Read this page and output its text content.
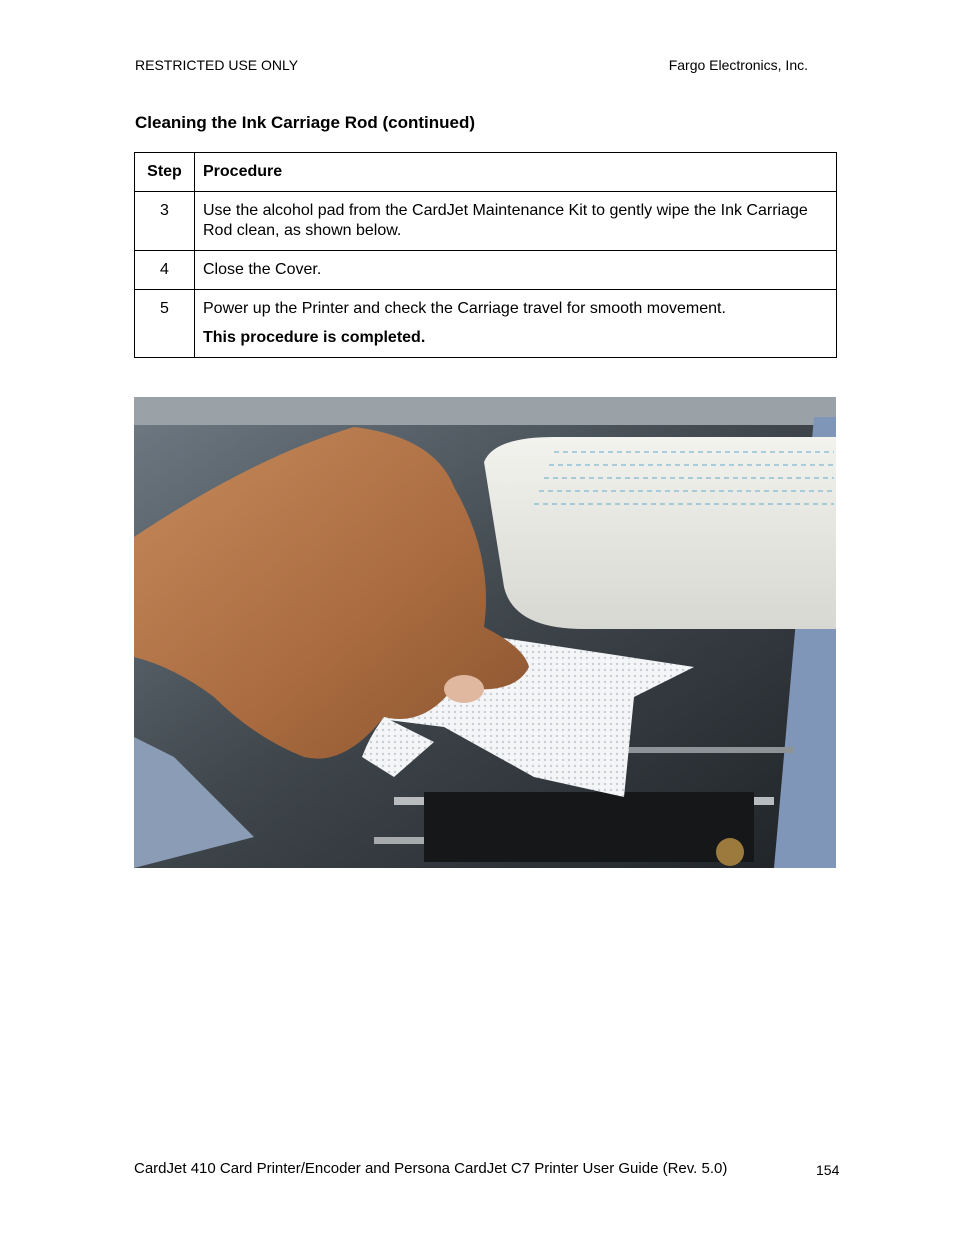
RESTRICTED USE ONLY	Fargo Electronics, Inc.
Cleaning the Ink Carriage Rod (continued)
Step	Procedure
3	Use the alcohol pad from the CardJet Maintenance Kit to gently wipe the Ink Carriage Rod clean, as shown below.
4	Close the Cover.
5	Power up the Printer and check the Carriage travel for smooth movement.
This procedure is completed.
CardJet 410 Card Printer/Encoder and Persona CardJet C7 Printer User Guide (Rev. 5.0)	154
